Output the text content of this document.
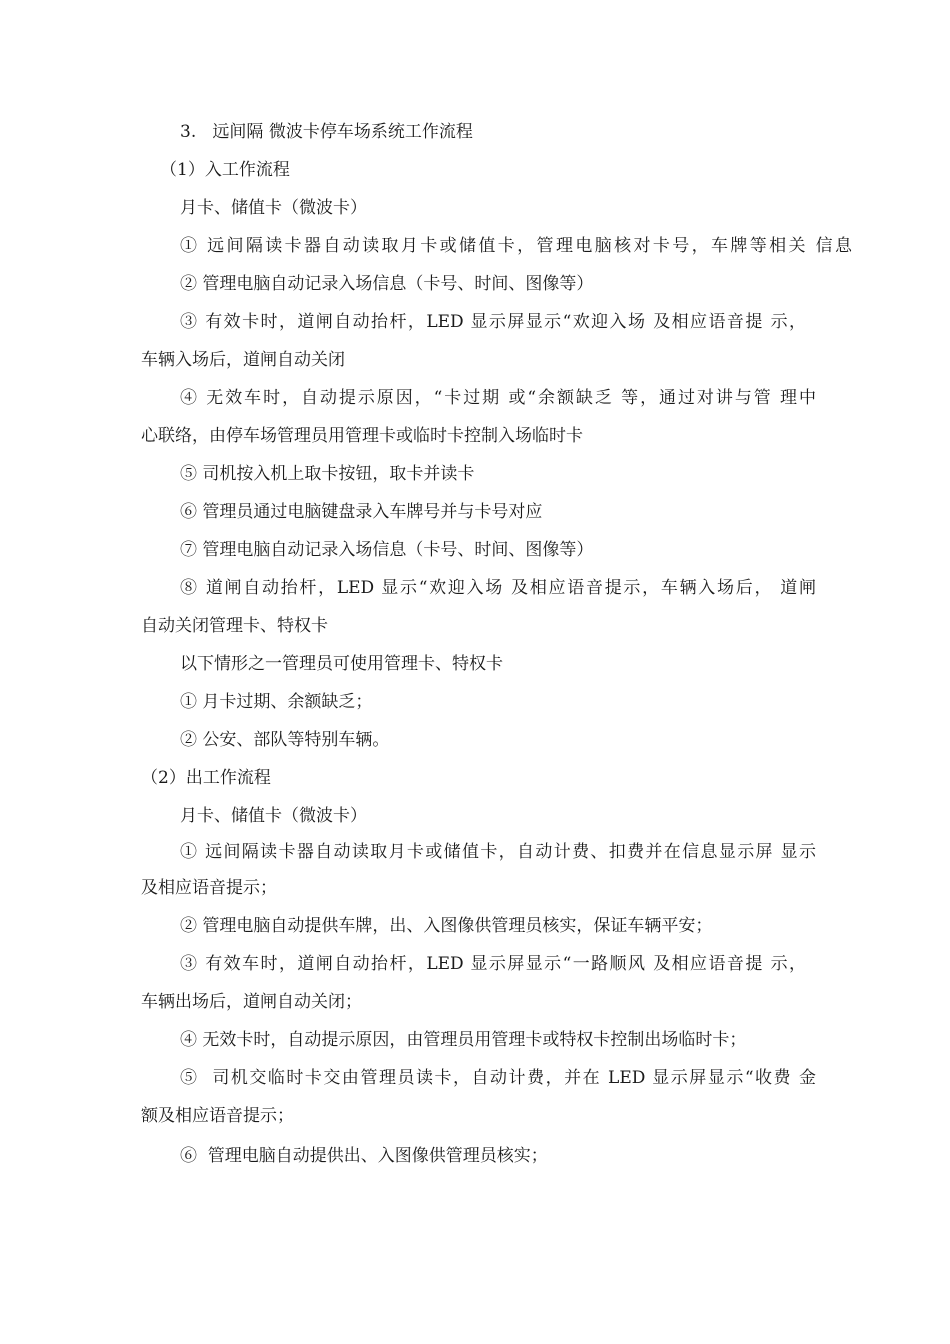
3.   远间隔 微波卡停车场系统工作流程
（1）入工作流程
月卡、储值卡（微波卡）
① 远间隔读卡器自动读取月卡或储值卡，管理电脑核对卡号，车牌等相关 信息
② 管理电脑自动记录入场信息（卡号、时间、图像等）
③ 有效卡时，道闸自动抬杆，LED 显示屏显示“欢迎入场 及相应语音提 示，
车辆入场后，道闸自动关闭
④ 无效车时，自动提示原因，“卡过期 或“余额缺乏 等，通过对讲与管 理中
心联络，由停车场管理员用管理卡或临时卡控制入场临时卡
⑤ 司机按入机上取卡按钮，取卡并读卡
⑥ 管理员通过电脑键盘录入车牌号并与卡号对应
⑦ 管理电脑自动记录入场信息（卡号、时间、图像等）
⑧ 道闸自动抬杆，LED 显示“欢迎入场 及相应语音提示，车辆入场后， 道闸
自动关闭管理卡、特权卡
以下情形之一管理员可使用管理卡、特权卡
① 月卡过期、余额缺乏；
② 公安、部队等特别车辆。
（2）出工作流程
月卡、储值卡（微波卡）
① 远间隔读卡器自动读取月卡或储值卡，自动计费、扣费并在信息显示屏 显示
及相应语音提示；
② 管理电脑自动提供车牌，出、入图像供管理员核实，保证车辆平安；
③ 有效车时，道闸自动抬杆，LED 显示屏显示“一路顺风 及相应语音提 示，
车辆出场后，道闸自动关闭；
④ 无效卡时，自动提示原因，由管理员用管理卡或特权卡控制出场临时卡；
⑤  司机交临时卡交由管理员读卡，自动计费，并在 LED 显示屏显示“收费 金
额及相应语音提示；
⑥  管理电脑自动提供出、入图像供管理员核实；
